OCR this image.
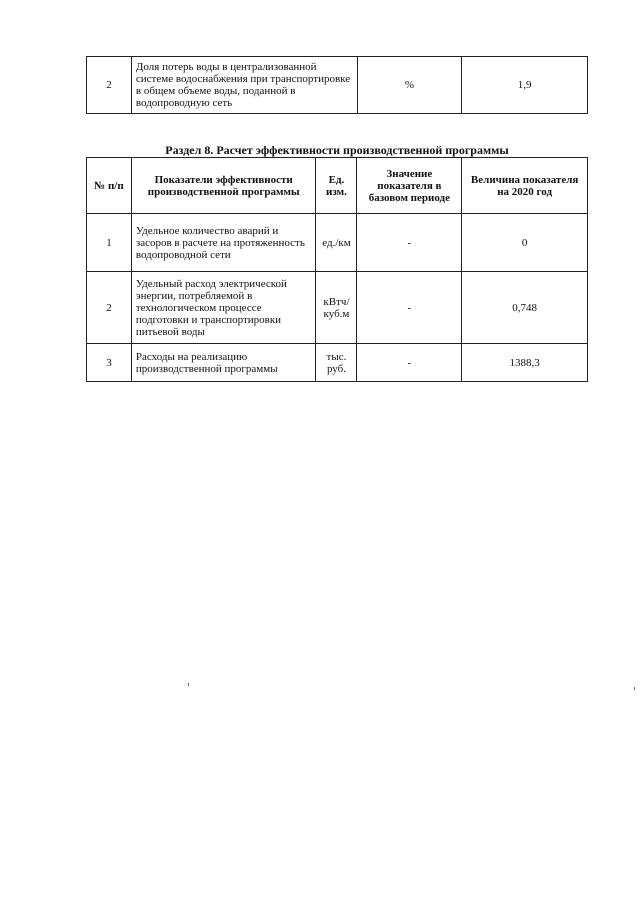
2	Доля потерь воды в централизованной системе водоснабжения при транспортировке в общем объеме воды, поданной в водопроводную сеть	%	1,9
Раздел 8. Расчет эффективности производственной программы
№ п/п	Показатели эффективности производственной программы	Ед. изм.	Значение показателя в базовом периоде	Величина показателя на 2020 год
1	Удельное количество аварий и засоров в расчете на протяженность водопроводной сети	ед./км	-	0
2	Удельный расход электрической энергии, потребляемой в технологическом процессе подготовки и транспортировки питьевой воды	кВтч/ куб.м	-	0,748
3	Расходы на реализацию производственной программы	тыс. руб.	-	1388,3
